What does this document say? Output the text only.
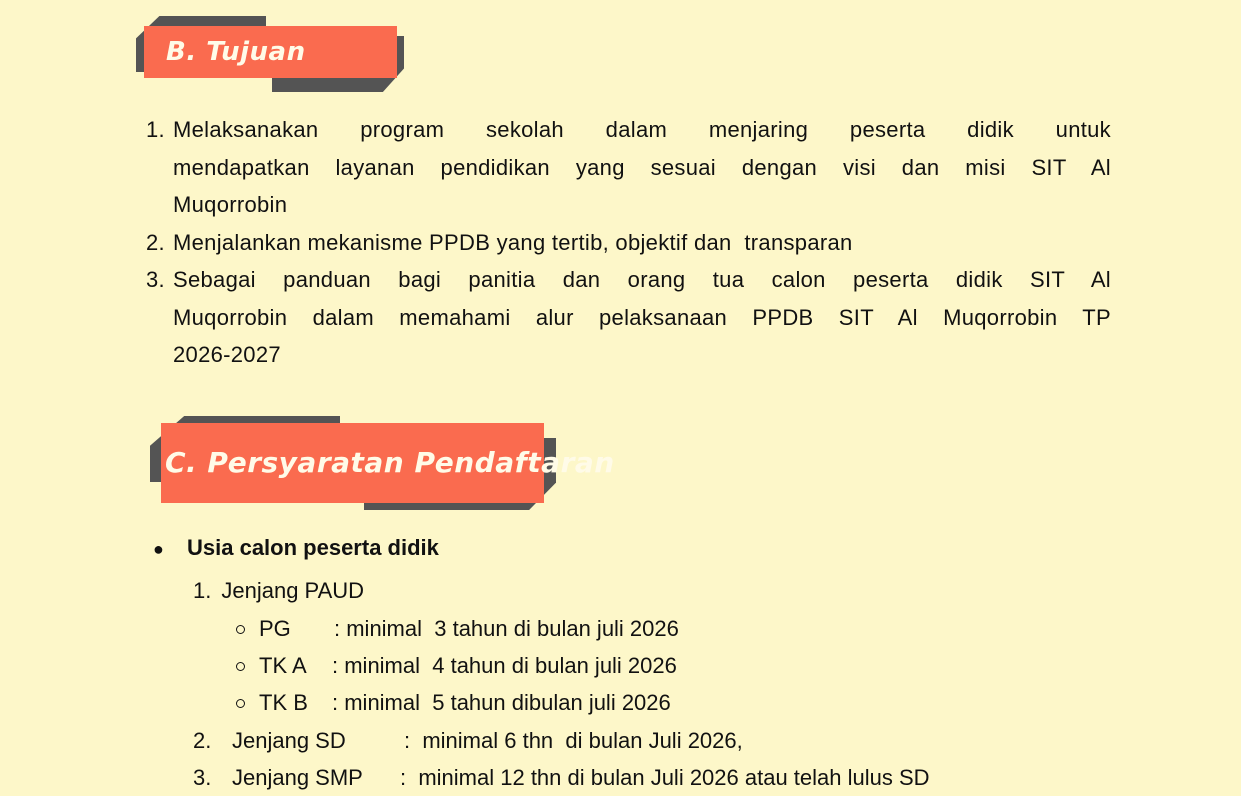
B. Tujuan
1. Melaksanakan program sekolah dalam menjaring peserta didik untuk
mendapatkan layanan pendidikan yang sesuai dengan visi dan misi SIT Al
Muqorrobin
2. Menjalankan mekanisme PPDB yang tertib, objektif dan  transparan
3. Sebagai panduan bagi panitia dan orang tua calon peserta didik SIT Al
Muqorrobin dalam memahami alur pelaksanaan PPDB SIT Al Muqorrobin TP
2026-2027
C. Persyaratan Pendaftaran
● Usia calon peserta didik
1. Jenjang PAUD
PG : minimal  3 tahun di bulan juli 2026
TK A : minimal  4 tahun di bulan juli 2026
TK B : minimal  5 tahun dibulan juli 2026
2. Jenjang SD	:  minimal 6 thn  di bulan Juli 2026,
3. Jenjang SMP :  minimal 12 thn di bulan Juli 2026 atau telah lulus SD
